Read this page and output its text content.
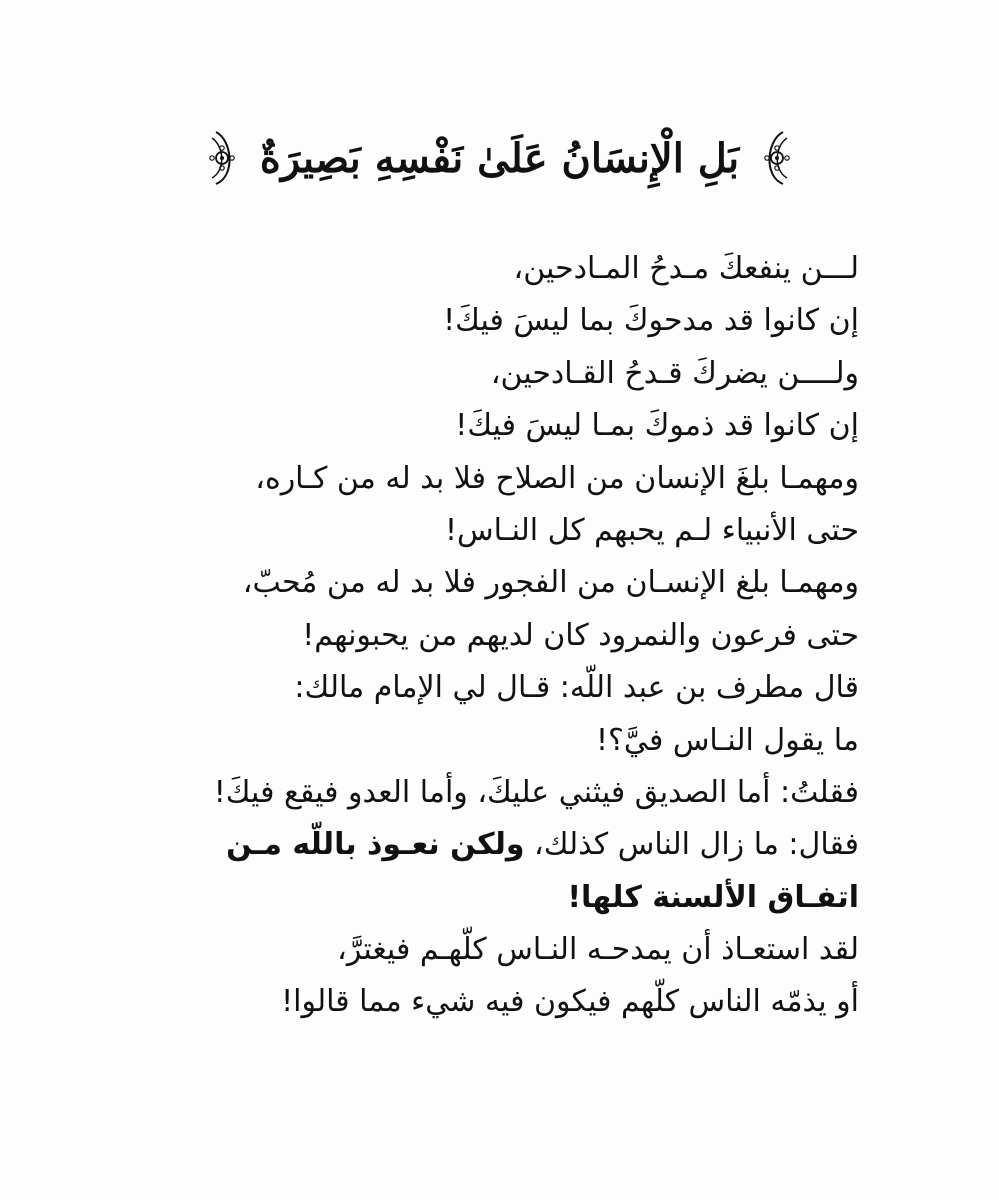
بَلِ الْإِنسَانُ عَلَىٰ نَفْسِهِ بَصِيرَةٌ
لـــن ينفعكَ مـدحُ المـادحين،
إن كانوا قد مدحوكَ بما ليسَ فيكَ!
ولــــن يضركَ قـدحُ القـادحين،
إن كانوا قد ذموكَ بمـا ليسَ فيكَ!
ومهمـا بلغَ الإنسان من الصلاح فلا بد له من كـاره،
حتى الأنبياء لـم يحبهم كل النـاس!
ومهمـا بلغ الإنسـان من الفجور فلا بد له من مُحبّ،
حتى فرعون والنمرود كان لديهم من يحبونهم!
قال مطرف بن عبد اللّه: قـال لي الإمام مالك:
ما يقول النـاس فيَّ؟!
فقلتُ: أما الصديق فيثني عليكَ، وأما العدو فيقع فيكَ!
فقال: ما زال الناس كذلك، ولكن نعـوذ باللّه مـن
اتفـاق الألسنة كلها!
لقد استعـاذ أن يمدحـه النـاس كلّهـم فيغترَّ،
أو يذمّه الناس كلّهم فيكون فيه شيء مما قالوا!
